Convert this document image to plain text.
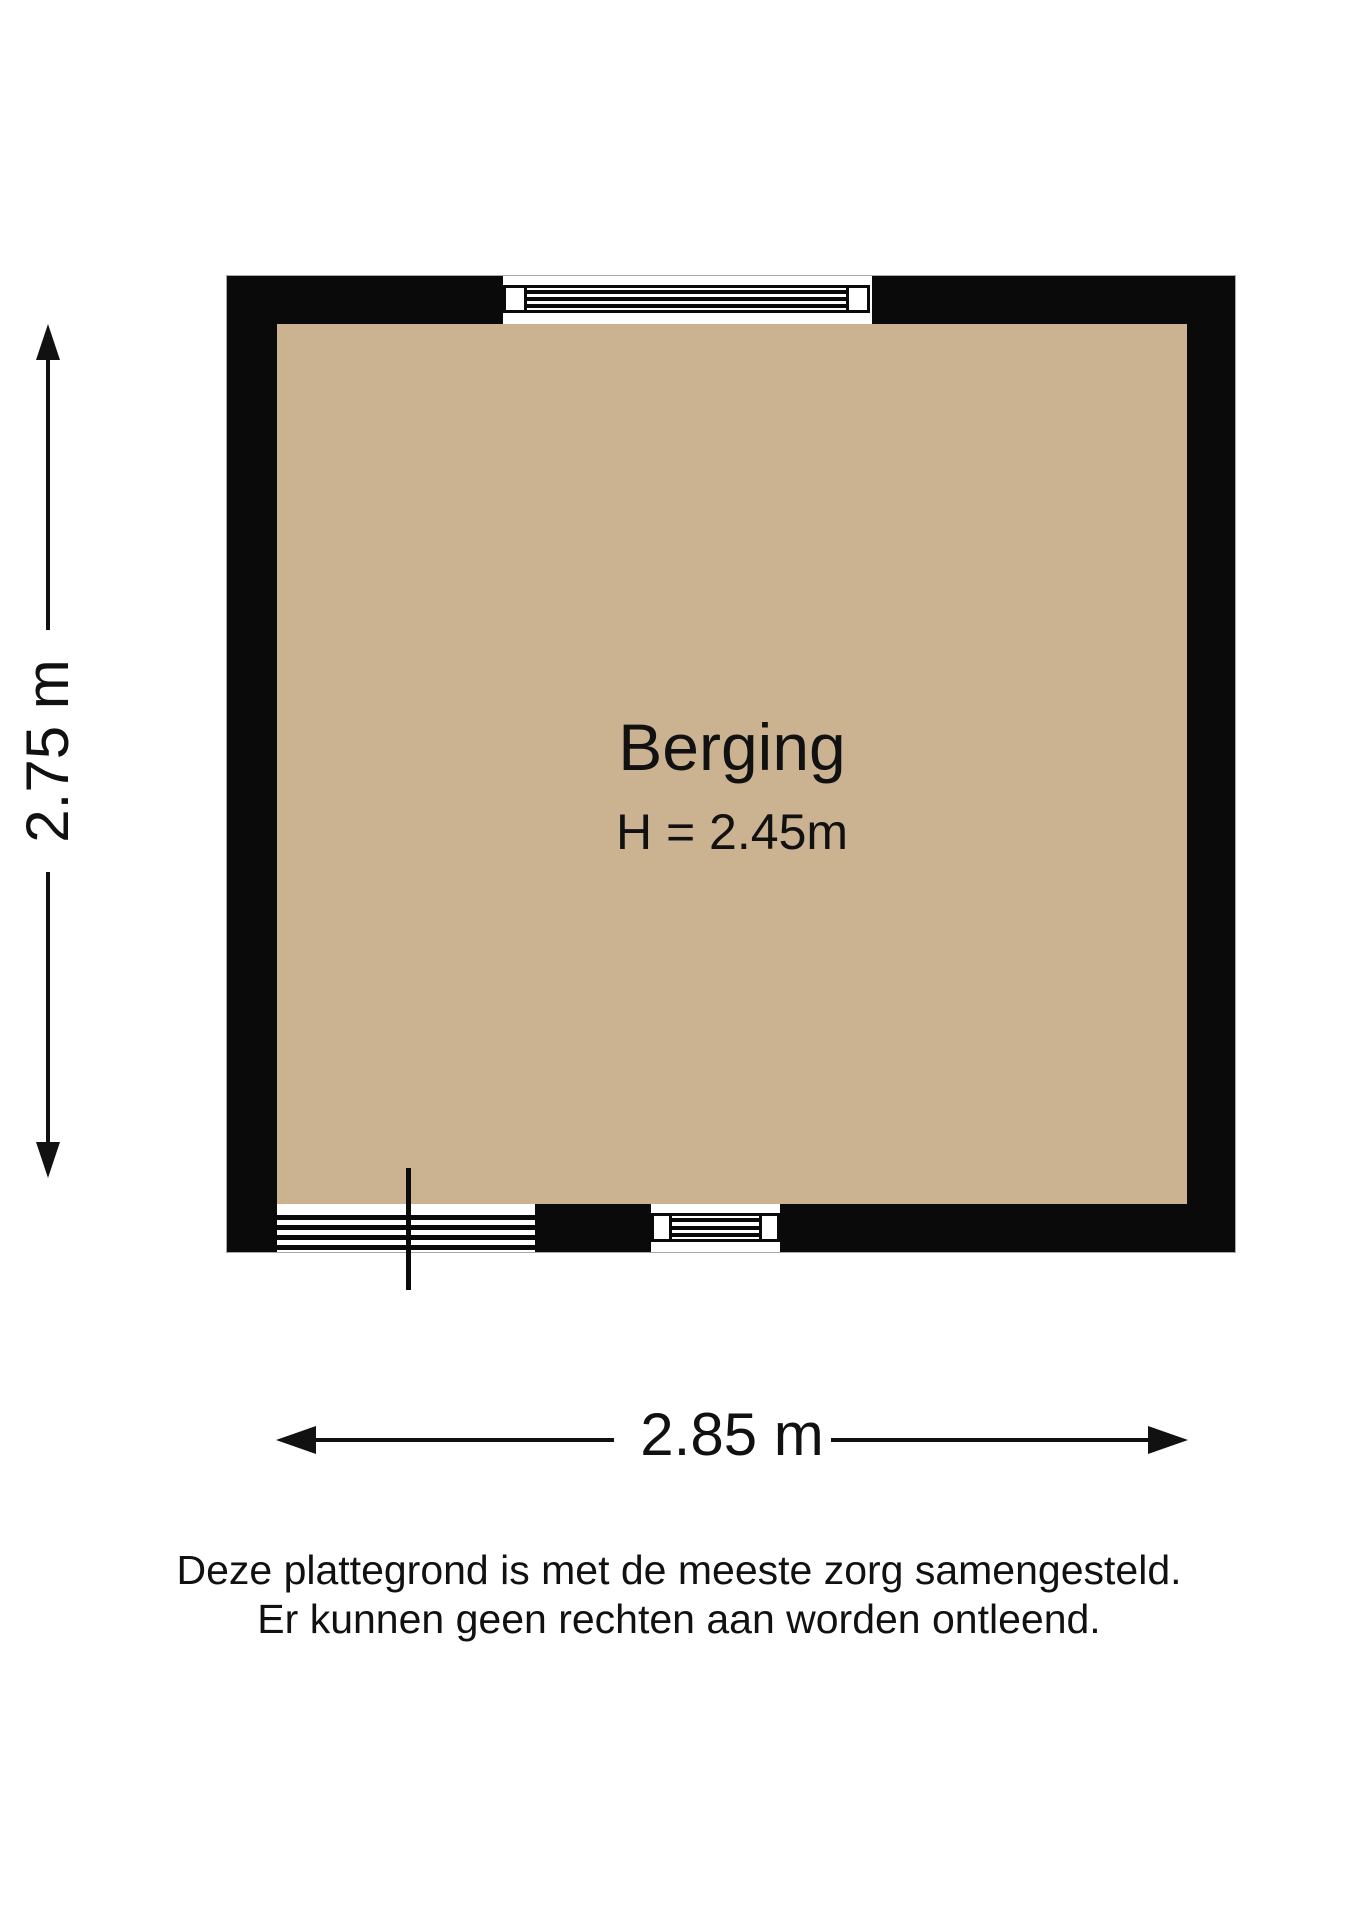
2.75 m	Berging
H = 2.45m
2.85 m
Deze plattegrond is met de meeste zorg samengesteld.
Er kunnen geen rechten aan worden ontleend.
